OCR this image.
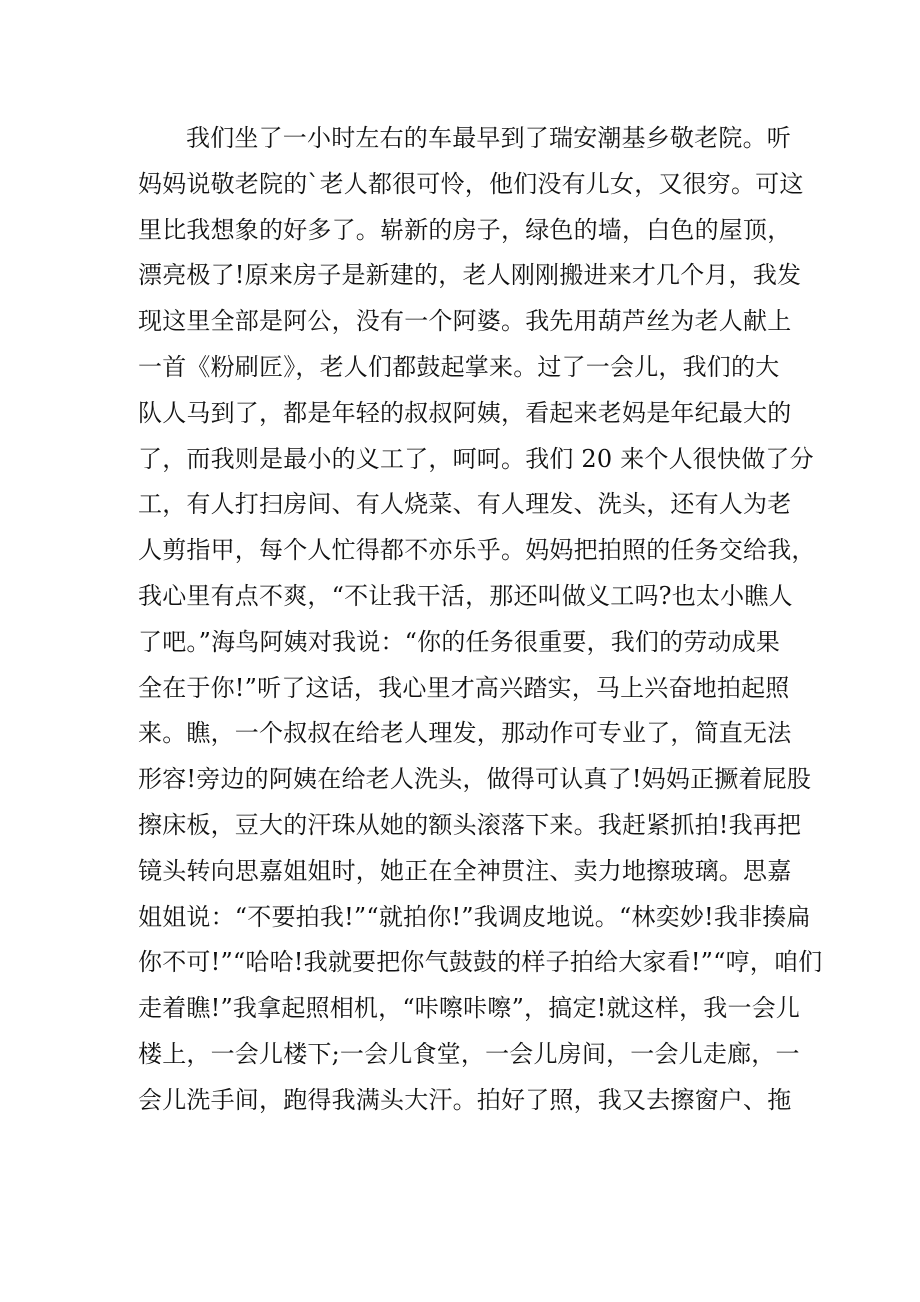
我们坐了一小时左右的车最早到了瑞安潮基乡敬老院。听
妈妈说敬老院的`老人都很可怜，他们没有儿女，又很穷。可这
里比我想象的好多了。崭新的房子，绿色的墙，白色的屋顶，
漂亮极了!原来房子是新建的，老人刚刚搬进来才几个月，我发
现这里全部是阿公，没有一个阿婆。我先用葫芦丝为老人献上
一首《粉刷匠》，老人们都鼓起掌来。过了一会儿，我们的大
队人马到了，都是年轻的叔叔阿姨，看起来老妈是年纪最大的
了，而我则是最小的义工了，呵呵。我们 20 来个人很快做了分
工，有人打扫房间、有人烧菜、有人理发、洗头，还有人为老
人剪指甲，每个人忙得都不亦乐乎。妈妈把拍照的任务交给我，
我心里有点不爽，“不让我干活，那还叫做义工吗?也太小瞧人
了吧。”海鸟阿姨对我说：“你的任务很重要，我们的劳动成果
全在于你!”听了这话，我心里才高兴踏实，马上兴奋地拍起照
来。瞧，一个叔叔在给老人理发，那动作可专业了，简直无法
形容!旁边的阿姨在给老人洗头，做得可认真了!妈妈正撅着屁股
擦床板，豆大的汗珠从她的额头滚落下来。我赶紧抓拍!我再把
镜头转向思嘉姐姐时，她正在全神贯注、卖力地擦玻璃。思嘉
姐姐说：“不要拍我!”“就拍你!”我调皮地说。“林奕妙!我非揍扁
你不可!”“哈哈!我就要把你气鼓鼓的样子拍给大家看!”“哼，咱们
走着瞧!”我拿起照相机，“咔嚓咔嚓”，搞定!就这样，我一会儿
楼上，一会儿楼下;一会儿食堂，一会儿房间，一会儿走廊，一
会儿洗手间，跑得我满头大汗。拍好了照，我又去擦窗户、拖
